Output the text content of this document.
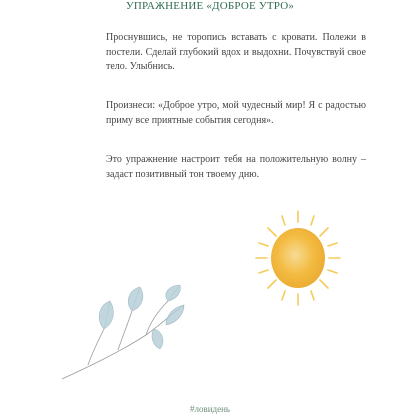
УПРАЖНЕНИЕ «ДОБРОЕ УТРО»
Проснувшись, не торопись вставать с кровати. Полежи в постели. Сделай глубокий вдох и выдохни. Почувствуй свое тело. Улыбнись.
Произнеси: «Доброе утро, мой чудесный мир! Я с радостью приму все приятные события сегодня».
Это упражнение настроит тебя на положительную волну – задаст позитивный тон твоему дню.
#ловидень
